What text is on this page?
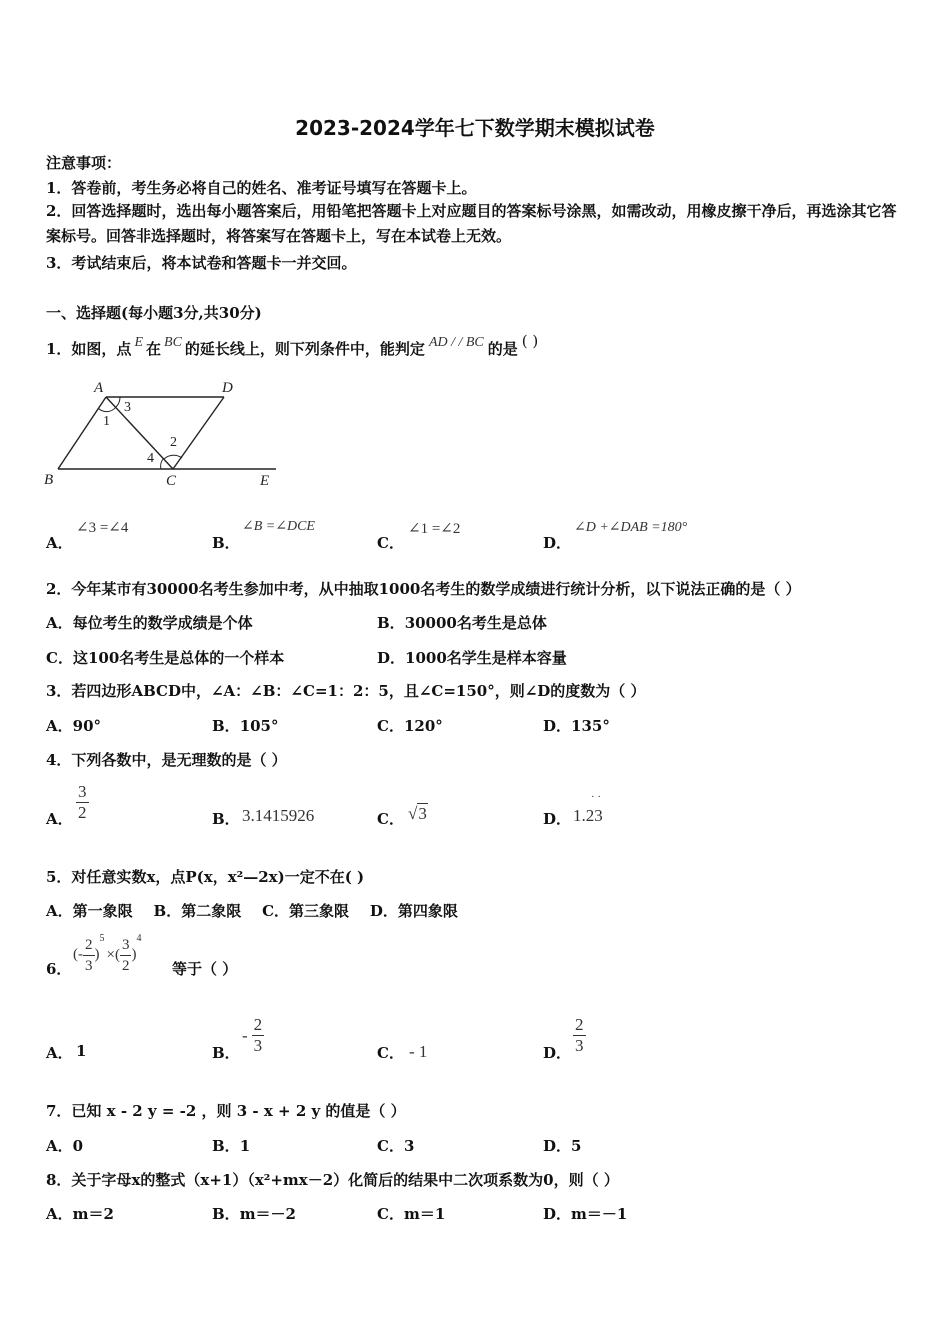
2023-2024学年七下数学期末模拟试卷
注意事项：
1．答卷前，考生务必将自己的姓名、准考证号填写在答题卡上。
2．回答选择题时，选出每小题答案后，用铅笔把答题卡上对应题目的答案标号涂黑，如需改动，用橡皮擦干净后，再选涂其它答案标号。回答非选择题时，将答案写在答题卡上，写在本试卷上无效。
3．考试结束后，将本试卷和答题卡一并交回。
一、选择题(每小题3分,共30分)
1．如图，点 E 在 BC 的延长线上，则下列条件中，能判定 AD / / BC 的是 ( )
A	D
B	C	E
1
3
2
4
A．
∠3 =∠4
B．
∠B =∠DCE
C．
∠1 =∠2
D．
∠D +∠DAB =180°
2．今年某市有30000名考生参加中考，从中抽取1000名考生的数学成绩进行统计分析，以下说法正确的是（ ）
A．每位考生的数学成绩是个体	B．30000名考生是总体
C．这100名考生是总体的一个样本	D．1000名学生是样本容量
3．若四边形ABCD中，∠A：∠B：∠C=1：2：5，且∠C=150°，则∠D的度数为（ ）
A．90°	B．105°	C．120°	D．135°
4．下列各数中，是无理数的是（ ）
A． $\frac{3}{2}$	B． 3.1415926	C． √3	D．
· ·
1.23
5．对任意实数x，点P(x，x²—2x)一定不在( )
A．第一象限    B．第二象限    C．第三象限    D．第四象限
6．
(- $\frac{2}{3} )^5\times( \frac{3}{2} )^4$
等于（ ）
A． 1	B．
- $\frac{2}{3}$	C． - 1	D． $\frac{2}{3}$
7．已知 x - 2 y = -2 ，则 3 - x + 2 y 的值是（ ）
A．0	B．1	C．3	D．5
8．关于字母x的整式（x+1）（x²+mx－2）化简后的结果中二次项系数为0，则（ ）
A．m＝2	B．m＝－2	C．m＝1	D．m＝－1
